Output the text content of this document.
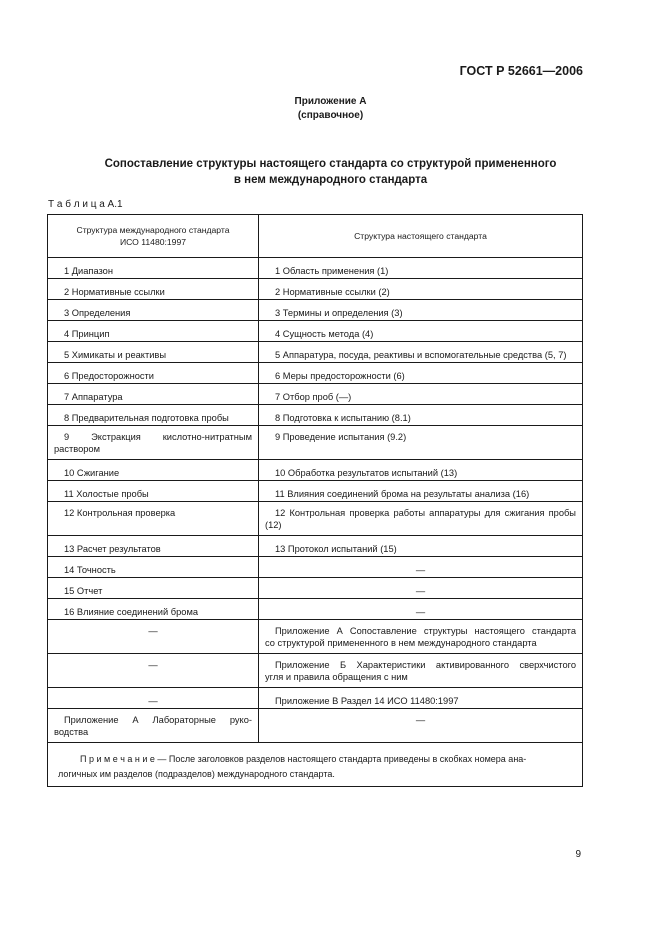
ГОСТ Р 52661—2006
Приложение А
(справочное)
Сопоставление структуры настоящего стандарта со структурой примененного
в нем международного стандарта
Т а б л и ц а А.1
Структура международного стандарта
ИСО 11480:1997	Структура настоящего стандарта
1 Диапазон	1 Область применения (1)
2 Нормативные ссылки	2 Нормативные ссылки (2)
3 Определения	3 Термины и определения (3)
4 Принцип	4 Сущность метода (4)
5 Химикаты и реактивы	5 Аппаратура, посуда, реактивы и вспомогательные средства (5, 7)
6 Предосторожности	6 Меры предосторожности (6)
7 Аппаратура	7 Отбор проб (—)
8 Предварительная подготовка пробы	8 Подготовка к испытанию (8.1)

9 Экстракция кислотно-нитратным
раствором	9 Проведение испытания (9.2)
10 Сжигание	10 Обработка результатов испытаний (13)
11 Холостые пробы	11 Влияния соединений брома на результаты анализа (16)
12 Контрольная проверка	12 Контрольная проверка работы аппаратуры для сжигания пробы
(12)

13 Расчет результатов	13 Протокол испытаний (15)
14 Точность	—
15 Отчет	—
16 Влияние соединений брома	—
—	Приложение А Сопоставление структуры настоящего стандарта
со структурой примененного в нем международного стандарта

—	Приложение Б Характеристики активированного сверхчистого
угля и правила обращения с ним

—	Приложение В Раздел 14 ИСО 11480:1997

Приложение А Лабораторные руко-
водства	—

П р и м е ч а н и е — После заголовков разделов настоящего стандарта приведены в скобках номера ана-
логичных им разделов (подразделов) международного стандарта.	
9
